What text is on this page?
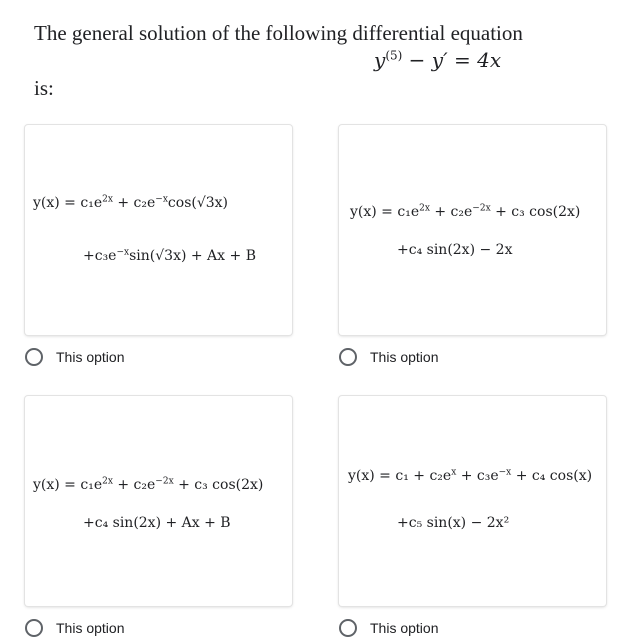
The general solution of the following differential equation
$y^{(5)} - y' = 4x$
is:
$y(x) = c_1e^{2x} + c_2e^{-x}\cos(√3x)$
$+c_3e^{-x}\sin(√3x) + Ax + B$
$y(x) = c_1e^{2x} + c_2e^{-2x} + c_3$ cos(2x)
+c₄ sin(2x) − 2x
$y(x) = c_1e^{2x} + c_2e^{-2x} + c_3$ cos(2x)
+c₄ sin(2x) + Ax + B
$y(x) = c_1 + c_2e^x + c_3e^{-x} + c_4$ cos(x)
+c₅ sin(x) − 2x²
This option	This option
This option	This option
